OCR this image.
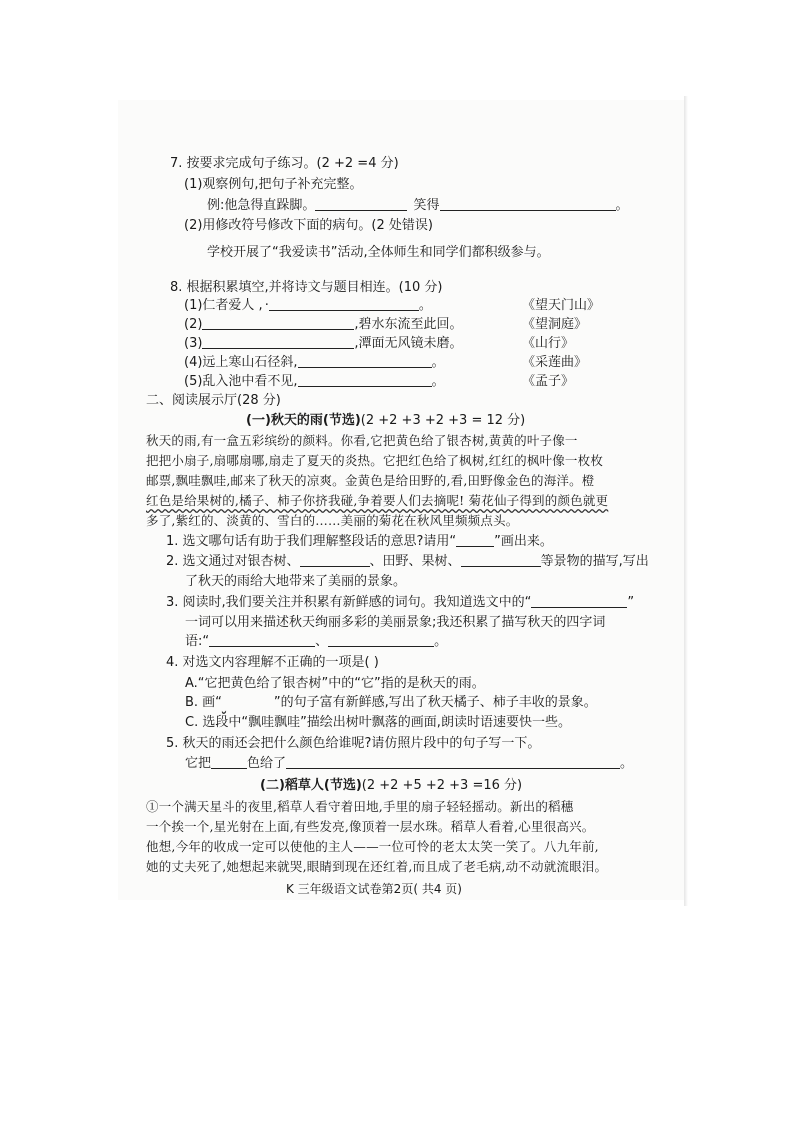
7. 按要求完成句子练习。(2 +2 =4 分)
(1)观察例句,把句子补充完整。
例:他急得直跺脚。	笑得	。
(2)用修改符号修改下面的病句。(2 处错误)
学校开展了“我爱读书”活动,全体师生和同学们都积级参与。
8. 根据积累填空,并将诗文与题目相连。(10 分)
(1)仁者爱人 , ·	。	《望天门山》
(2)	,碧水东流至此回。	《望洞庭》
(3)	,潭面无风镜未磨。	《山行》
(4)远上寒山石径斜,	。	《采莲曲》
(5)乱入池中看不见,	。	《孟子》
二、阅读展示厅(28 分)
(一)秋天的雨(节选)(2 +2 +3 +2 +3 = 12 分)
秋天的雨,有一盒五彩缤纷的颜料。你看,它把黄色给了银杏树,黄黄的叶子像一
把把小扇子,扇哪扇哪,扇走了夏天的炎热。它把红色给了枫树,红红的枫叶像一枚枚
邮票,飘哇飘哇,邮来了秋天的凉爽。金黄色是给田野的,看,田野像金色的海洋。橙
红色是给果树的,橘子、柿子你挤我碰,争着要人们去摘呢! 菊花仙子得到的颜色就更
多了,紫红的、淡黄的、雪白的……美丽的菊花在秋风里频频点头。
1. 选文哪句话有助于我们理解整段话的意思?请用“	”画出来。
2. 选文通过对银杏树、	、田野、果树、	等景物的描写,写出
了秋天的雨给大地带来了美丽的景象。
3. 阅读时,我们要关注并积累有新鲜感的词句。我知道选文中的“	”
一词可以用来描述秋天绚丽多彩的美丽景象;我还积累了描写秋天的四字词
语:“	、	。
4. 对选文内容理解不正确的一项是( )
A.“它把黄色给了银杏树”中的“它”指的是秋天的雨。
B. 画“	”的句子富有新鲜感,写出了秋天橘子、柿子丰收的景象。
C. 选段中“飘哇飘哇”描绘出树叶飘落的画面,朗读时语速要快一些。
5. 秋天的雨还会把什么颜色给谁呢?请仿照片段中的句子写一下。
它把	色给了	。
(二)稻草人(节选)(2 +2 +5 +2 +3 =16 分)
①一个满天星斗的夜里,稻草人看守着田地,手里的扇子轻轻摇动。新出的稻穗
一个挨一个,星光射在上面,有些发亮,像顶着一层水珠。稻草人看着,心里很高兴。
他想,今年的收成一定可以使他的主人——一位可怜的老太太笑一笑了。八九年前,
她的丈夫死了,她想起来就哭,眼睛到现在还红着,而且成了老毛病,动不动就流眼泪。
K 三年级语文试卷第2页( 共4 页)
